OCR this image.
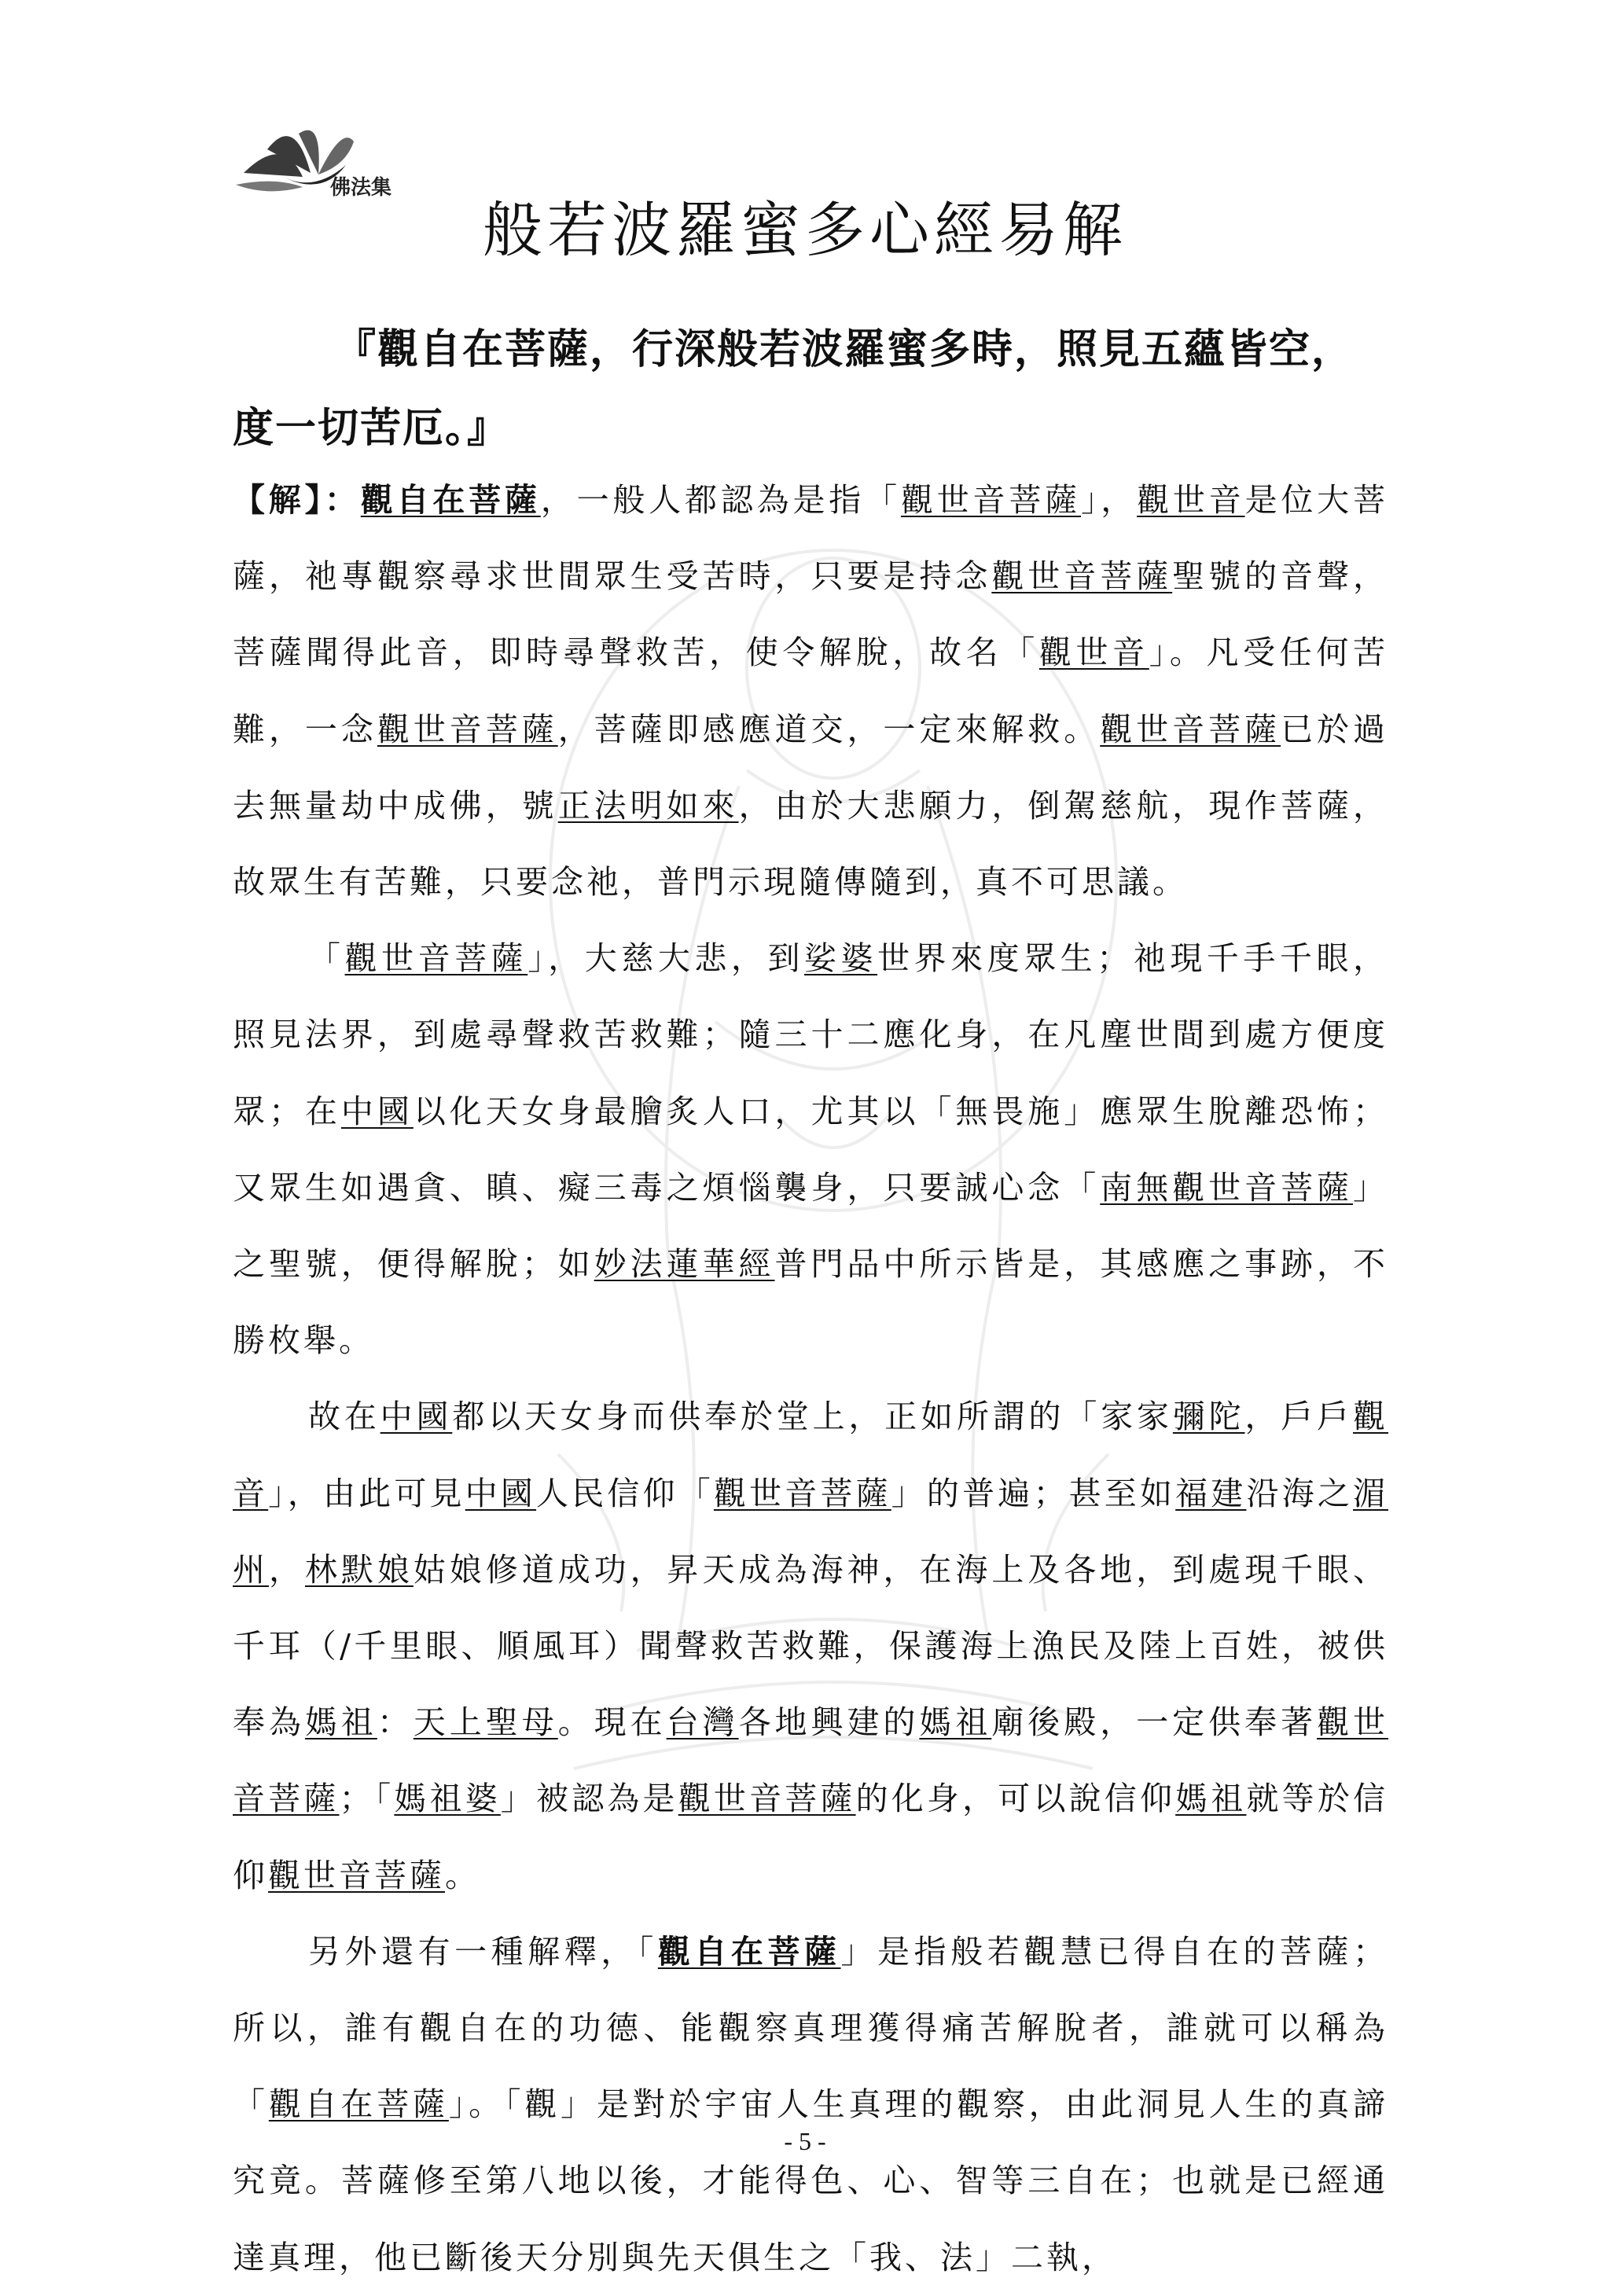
佛法集
般若波羅蜜多心經易解
『觀自在菩薩，行深般若波羅蜜多時，照見五蘊皆空，度一切苦厄。』

【解】：觀自在菩薩，一般人都認為是指「觀世音菩薩」，觀世音是位大菩薩，祂專觀察尋求世間眾生受苦時，只要是持念觀世音菩薩聖號的音聲，菩薩聞得此音，即時尋聲救苦，使令解脫，故名「觀世音」。凡受任何苦難，一念觀世音菩薩，菩薩即感應道交，一定來解救。觀世音菩薩已於過去無量劫中成佛，號正法明如來，由於大悲願力，倒駕慈航，現作菩薩，故眾生有苦難，只要念祂，普門示現隨傳隨到，真不可思議。

「觀世音菩薩」，大慈大悲，到娑婆世界來度眾生；祂現千手千眼，照見法界，到處尋聲救苦救難；隨三十二應化身，在凡塵世間到處方便度眾；在中國以化天女身最膾炙人口，尤其以「無畏施」應眾生脫離恐怖；又眾生如遇貪、瞋、癡三毒之煩惱襲身，只要誠心念「南無觀世音菩薩」之聖號，便得解脫；如妙法蓮華經普門品中所示皆是，其感應之事跡，不勝枚舉。

故在中國都以天女身而供奉於堂上，正如所謂的「家家彌陀，戶戶觀音」，由此可見中國人民信仰「觀世音菩薩」的普遍；甚至如福建沿海之湄州，林默娘姑娘修道成功，昇天成為海神，在海上及各地，到處現千眼、千耳（/千里眼、順風耳）聞聲救苦救難，保護海上漁民及陸上百姓，被供奉為媽祖：天上聖母。現在台灣各地興建的媽祖廟後殿，一定供奉著觀世音菩薩；「媽祖婆」被認為是觀世音菩薩的化身，可以說信仰媽祖就等於信仰觀世音菩薩。

另外還有一種解釋，「觀自在菩薩」是指般若觀慧已得自在的菩薩；所以，誰有觀自在的功德、能觀察真理獲得痛苦解脫者，誰就可以稱為「觀自在菩薩」。「觀」是對於宇宙人生真理的觀察，由此洞見人生的真諦究竟。菩薩修至第八地以後，才能得色、心、智等三自在；也就是已經通達真理，他已斷後天分別與先天俱生之「我、法」二執，

- 5 -
